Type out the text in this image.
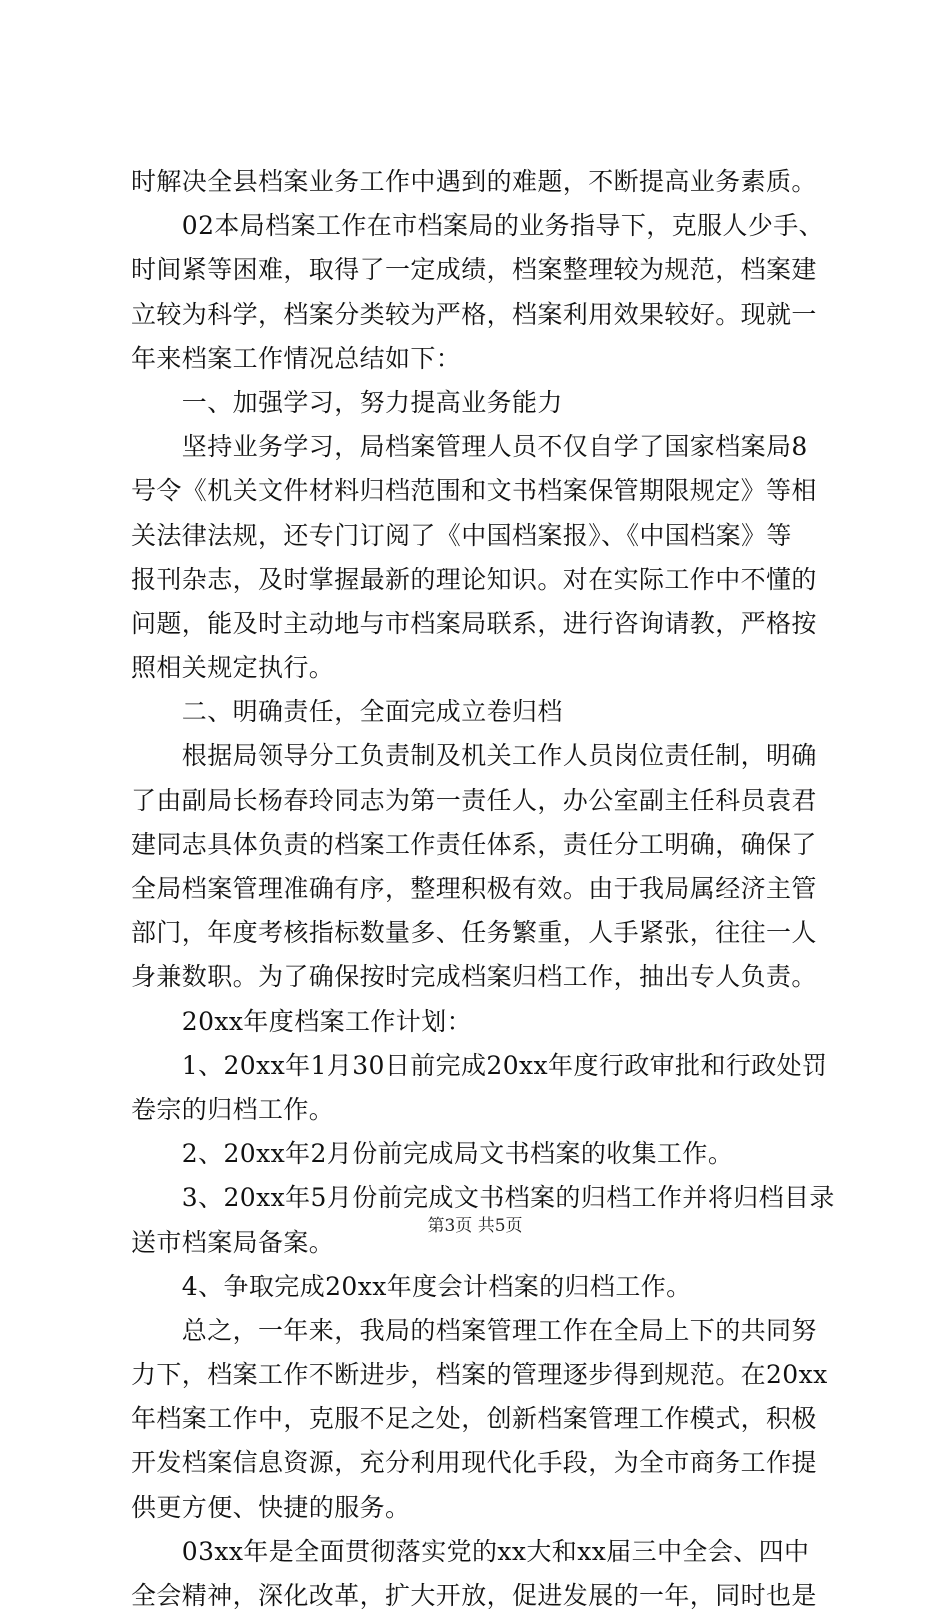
时解决全县档案业务工作中遇到的难题，不断提高业务素质。
　　02本局档案工作在市档案局的业务指导下，克服人少手、
时间紧等困难，取得了一定成绩，档案整理较为规范，档案建
立较为科学，档案分类较为严格，档案利用效果较好。现就一
年来档案工作情况总结如下：
　　一、加强学习，努力提高业务能力
　　坚持业务学习，局档案管理人员不仅自学了国家档案局8
号令《机关文件材料归档范围和文书档案保管期限规定》等相
关法律法规，还专门订阅了《中国档案报》、《中国档案》等
报刊杂志，及时掌握最新的理论知识。对在实际工作中不懂的
问题，能及时主动地与市档案局联系，进行咨询请教，严格按
照相关规定执行。
　　二、明确责任，全面完成立卷归档
　　根据局领导分工负责制及机关工作人员岗位责任制，明确
了由副局长杨春玲同志为第一责任人，办公室副主任科员袁君
建同志具体负责的档案工作责任体系，责任分工明确，确保了
全局档案管理准确有序，整理积极有效。由于我局属经济主管
部门，年度考核指标数量多、任务繁重，人手紧张，往往一人
身兼数职。为了确保按时完成档案归档工作，抽出专人负责。
　　20xx年度档案工作计划：
　　1、20xx年1月30日前完成20xx年度行政审批和行政处罚
卷宗的归档工作。
　　2、20xx年2月份前完成局文书档案的收集工作。
　　3、20xx年5月份前完成文书档案的归档工作并将归档目录
送市档案局备案。
　　4、争取完成20xx年度会计档案的归档工作。
　　总之，一年来，我局的档案管理工作在全局上下的共同努
力下，档案工作不断进步，档案的管理逐步得到规范。在20xx
年档案工作中，克服不足之处，创新档案管理工作模式，积极
开发档案信息资源，充分利用现代化手段，为全市商务工作提
供更方便、快捷的服务。
　　03xx年是全面贯彻落实党的xx大和xx届三中全会、四中
全会精神，深化改革，扩大开放，促进发展的一年，同时也是
第3页 共5页
